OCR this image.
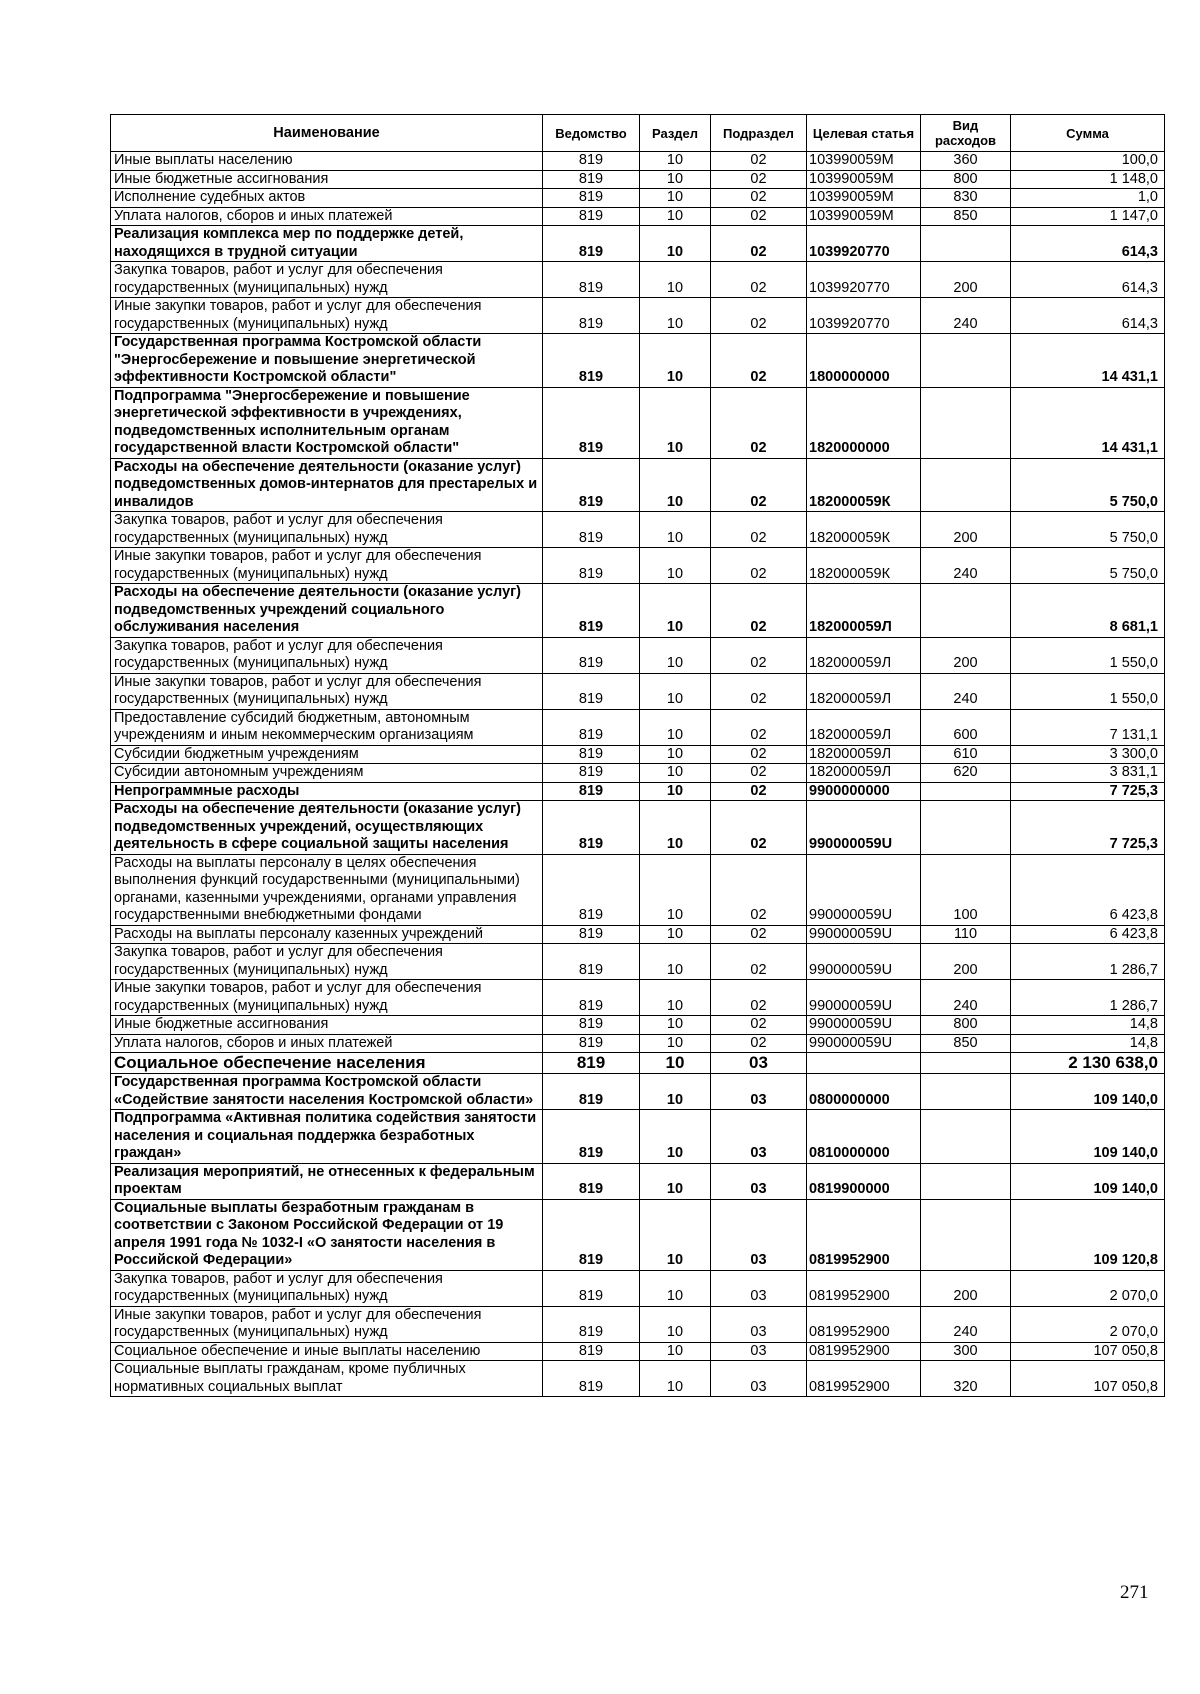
Наименование	Ведомство	Раздел	Подраздел	Целевая статья	Вид расходов	Сумма
Иные выплаты населению	819	10	02	103990059М	360	100,0
Иные бюджетные ассигнования	819	10	02	103990059М	800	1 148,0
Исполнение судебных актов	819	10	02	103990059М	830	1,0
Уплата налогов, сборов и иных платежей	819	10	02	103990059М	850	1 147,0
Реализация комплекса мер по поддержке детей, находящихся в трудной ситуации	819	10	02	1039920770		614,3
Закупка товаров, работ и услуг для обеспечения государственных (муниципальных) нужд	819	10	02	1039920770	200	614,3
Иные закупки товаров, работ и услуг для обеспечения государственных (муниципальных) нужд	819	10	02	1039920770	240	614,3
Государственная программа Костромской области "Энергосбережение и повышение энергетической эффективности Костромской области"	819	10	02	1800000000		14 431,1
Подпрограмма "Энергосбережение и повышение энергетической эффективности в учреждениях, подведомственных исполнительным органам государственной власти Костромской области"	819	10	02	1820000000		14 431,1
Расходы на обеспечение деятельности (оказание услуг) подведомственных домов-интернатов для престарелых и инвалидов	819	10	02	182000059К		5 750,0
Закупка товаров, работ и услуг для обеспечения государственных (муниципальных) нужд	819	10	02	182000059К	200	5 750,0
Иные закупки товаров, работ и услуг для обеспечения государственных (муниципальных) нужд	819	10	02	182000059К	240	5 750,0
Расходы на обеспечение деятельности (оказание услуг) подведомственных учреждений социального обслуживания населения	819	10	02	182000059Л		8 681,1
Закупка товаров, работ и услуг для обеспечения государственных (муниципальных) нужд	819	10	02	182000059Л	200	1 550,0
Иные закупки товаров, работ и услуг для обеспечения государственных (муниципальных) нужд	819	10	02	182000059Л	240	1 550,0
Предоставление субсидий бюджетным, автономным учреждениям и иным некоммерческим организациям	819	10	02	182000059Л	600	7 131,1
Субсидии бюджетным учреждениям	819	10	02	182000059Л	610	3 300,0
Субсидии автономным учреждениям	819	10	02	182000059Л	620	3 831,1
Непрограммные расходы	819	10	02	9900000000		7 725,3
Расходы на обеспечение деятельности (оказание услуг) подведомственных учреждений, осуществляющих деятельность в сфере социальной защиты населения	819	10	02	990000059U		7 725,3
Расходы на выплаты персоналу в целях обеспечения выполнения функций государственными (муниципальными) органами, казенными учреждениями, органами управления государственными внебюджетными фондами	819	10	02	990000059U	100	6 423,8
Расходы на выплаты персоналу казенных учреждений	819	10	02	990000059U	110	6 423,8
Закупка товаров, работ и услуг для обеспечения государственных (муниципальных) нужд	819	10	02	990000059U	200	1 286,7
Иные закупки товаров, работ и услуг для обеспечения государственных (муниципальных) нужд	819	10	02	990000059U	240	1 286,7
Иные бюджетные ассигнования	819	10	02	990000059U	800	14,8
Уплата налогов, сборов и иных платежей	819	10	02	990000059U	850	14,8
Социальное обеспечение населения	819	10	03			2 130 638,0
Государственная программа Костромской области «Содействие занятости населения Костромской области»	819	10	03	0800000000		109 140,0
Подпрограмма «Активная политика содействия занятости населения и социальная поддержка безработных граждан»	819	10	03	0810000000		109 140,0
Реализация мероприятий, не отнесенных к федеральным проектам	819	10	03	0819900000		109 140,0
Социальные выплаты безработным гражданам в соответствии с Законом Российской Федерации от 19 апреля 1991 года № 1032-I «О занятости населения в Российской Федерации»	819	10	03	0819952900		109 120,8
Закупка товаров, работ и услуг для обеспечения государственных (муниципальных) нужд	819	10	03	0819952900	200	2 070,0
Иные закупки товаров, работ и услуг для обеспечения государственных (муниципальных) нужд	819	10	03	0819952900	240	2 070,0
Социальное обеспечение и иные выплаты населению	819	10	03	0819952900	300	107 050,8
Социальные выплаты гражданам, кроме публичных нормативных социальных выплат	819	10	03	0819952900	320	107 050,8
271
